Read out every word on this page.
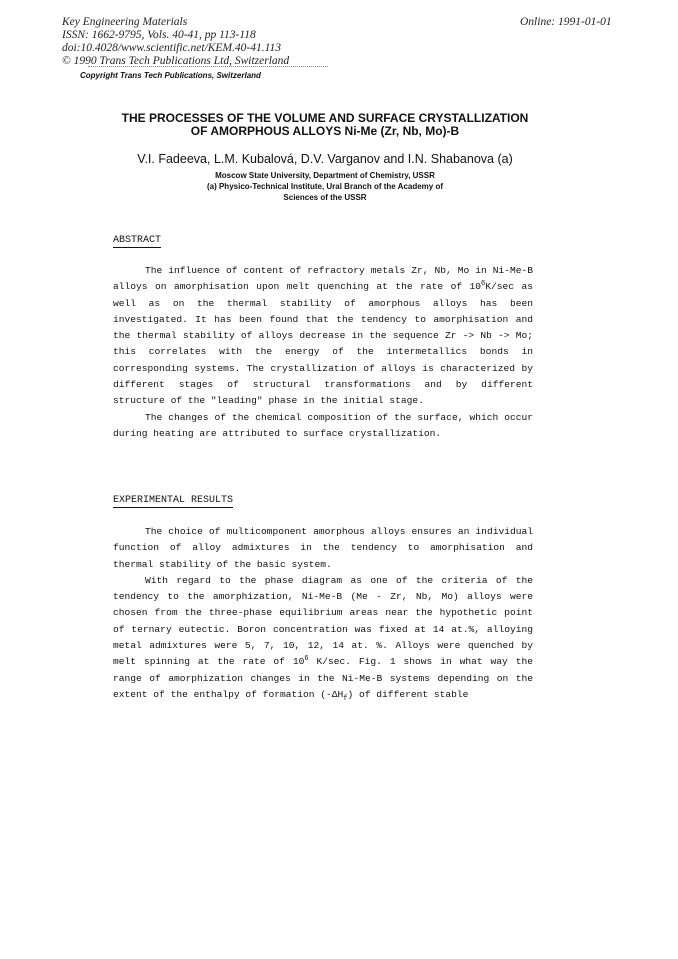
Key Engineering Materials
ISSN: 1662-9795, Vols. 40-41, pp 113-118
doi:10.4028/www.scientific.net/KEM.40-41.113
© 1990 Trans Tech Publications Ltd, Switzerland
Online: 1991-01-01
Copyright Trans Tech Publications, Switzerland
THE PROCESSES OF THE VOLUME AND SURFACE CRYSTALLIZATION
OF AMORPHOUS ALLOYS Ni-Me (Zr, Nb, Mo)-B
V.I. Fadeeva, L.M. Kubalová, D.V. Varganov and I.N. Shabanova (a)
Moscow State University, Department of Chemistry, USSR
(a) Physico-Technical Institute, Ural Branch of the Academy of
Sciences of the USSR
ABSTRACT

The influence of content of refractory metals Zr, Nb, Mo in Ni-Me-B alloys on amorphisation upon melt quenching at the rate of $10^6K/\sec$ as well as on the thermal stability of amorphous alloys has been investigated. It has been found that the tendency to amorphisation and the thermal stability of alloys decrease in the sequence Zr -> Nb -> Mo; this correlates with the energy of the intermetallics bonds in corresponding systems. The crystallization of alloys is characterized by different stages of structural transformations and by different structure of the "leading" phase in the initial stage.

The changes of the chemical composition of the surface, which occur during heating are attributed to surface crystallization.

EXPERIMENTAL RESULTS

The choice of multicomponent amorphous alloys ensures an individual function of alloy admixtures in the tendency to amorphisation and thermal stability of the basic system.

With regard to the phase diagram as one of the criteria of the tendency to the amorphization, Ni-Me-B (Me - Zr, Nb, Mo) alloys were chosen from the three-phase equilibrium areas near the hypothetic point of ternary eutectic. Boron concentration was fixed at 14 at.%, alloying metal admixtures were 5, 7, 10, 12, 14 at. %. Alloys were quenched by melt spinning at the rate of $10^6$ K/sec. Fig. 1 shows in what way the range of amorphization changes in the Ni-Me-B systems depending on the extent of the enthalpy of formation $(-\Delta H_f)$ of different stable
